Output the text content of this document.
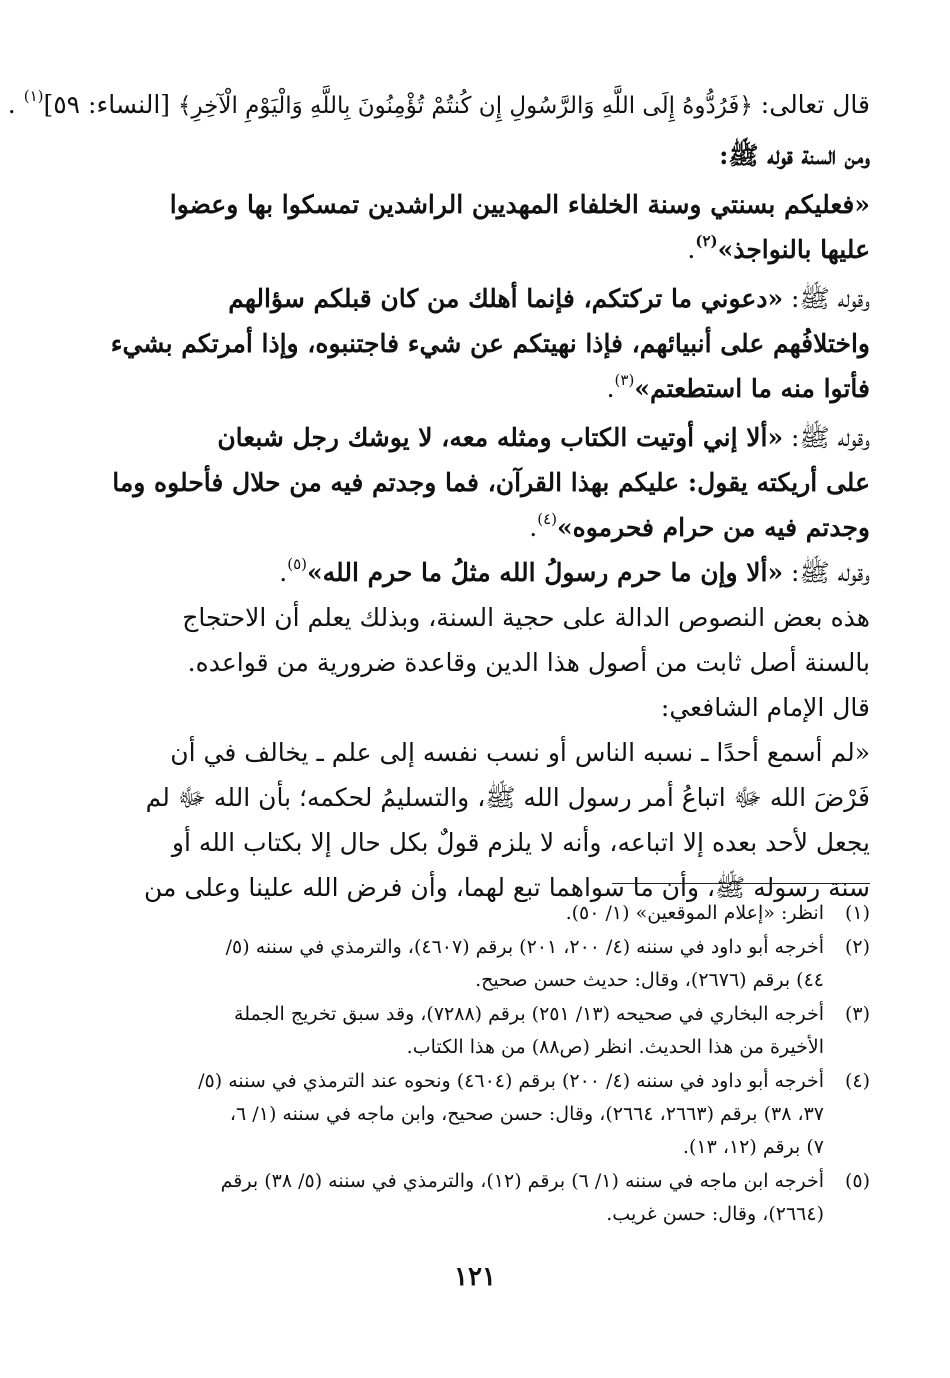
قال تعالى: ﴿فَرُدُّوهُ إِلَى اللَّهِ وَالرَّسُولِ إِن كُنتُمْ تُؤْمِنُونَ بِاللَّهِ وَالْيَوْمِ الْآخِرِ﴾ [النساء: ٥٩]$^{(١)}$ .

ومن السنة قوله ﷺ:

«فعليكم بسنتي وسنة الخلفاء المهديين الراشدين تمسكوا بها وعضوا
عليها بالنواجذ»$^{(٢)}$.

وقوله ﷺ: «دعوني ما تركتكم، فإنما أهلك من كان قبلكم سؤالهم
واختلافُهم على أنبيائهم، فإذا نهيتكم عن شيء فاجتنبوه، وإذا أمرتكم بشيء
فأتوا منه ما استطعتم»$^{(٣)}$.

وقوله ﷺ: «ألا إني أوتيت الكتاب ومثله معه، لا يوشك رجل شبعان
على أريكته يقول: عليكم بهذا القرآن، فما وجدتم فيه من حلال فأحلوه وما
وجدتم فيه من حرام فحرموه»$^{(٤)}$.

وقوله ﷺ: «ألا وإن ما حرم رسولُ الله مثلُ ما حرم الله»$^{(٥)}$.

هذه بعض النصوص الدالة على حجية السنة، وبذلك يعلم أن الاحتجاج
بالسنة أصل ثابت من أصول هذا الدين وقاعدة ضرورية من قواعده.

قال الإمام الشافعي:

«لم أسمع أحدًا ـ نسبه الناس أو نسب نفسه إلى علم ـ يخالف في أن
فَرْضَ الله ﷻ اتباعُ أمر رسول الله ﷺ، والتسليمُ لحكمه؛ بأن الله ﷻ لم
يجعل لأحد بعده إلا اتباعه، وأنه لا يلزم قولٌ بكل حال إلا بكتاب الله أو
سنة رسوله ﷺ، وأن ما سواهما تبع لهما، وأن فرض الله علينا وعلى من

(١)
انظر: «إعلام الموقعين» (١/ ٥٠).
(٢)
أخرجه أبو داود في سننه (٤/ ٢٠٠، ٢٠١) برقم (٤٦٠٧)، والترمذي في سننه (٥/
٤٤) برقم (٢٦٧٦)، وقال: حديث حسن صحيح.
(٣)
أخرجه البخاري في صحيحه (١٣/ ٢٥١) برقم (٧٢٨٨)، وقد سبق تخريج الجملة
الأخيرة من هذا الحديث. انظر (ص٨٨) من هذا الكتاب.
(٤)
أخرجه أبو داود في سننه (٤/ ٢٠٠) برقم (٤٦٠٤) ونحوه عند الترمذي في سننه (٥/
٣٧، ٣٨) برقم (٢٦٦٣، ٢٦٦٤)، وقال: حسن صحيح، وابن ماجه في سننه (١/ ٦،
٧) برقم (١٢، ١٣).
(٥)
أخرجه ابن ماجه في سننه (١/ ٦) برقم (١٢)، والترمذي في سننه (٥/ ٣٨) برقم
(٢٦٦٤)، وقال: حسن غريب.
١٢١
